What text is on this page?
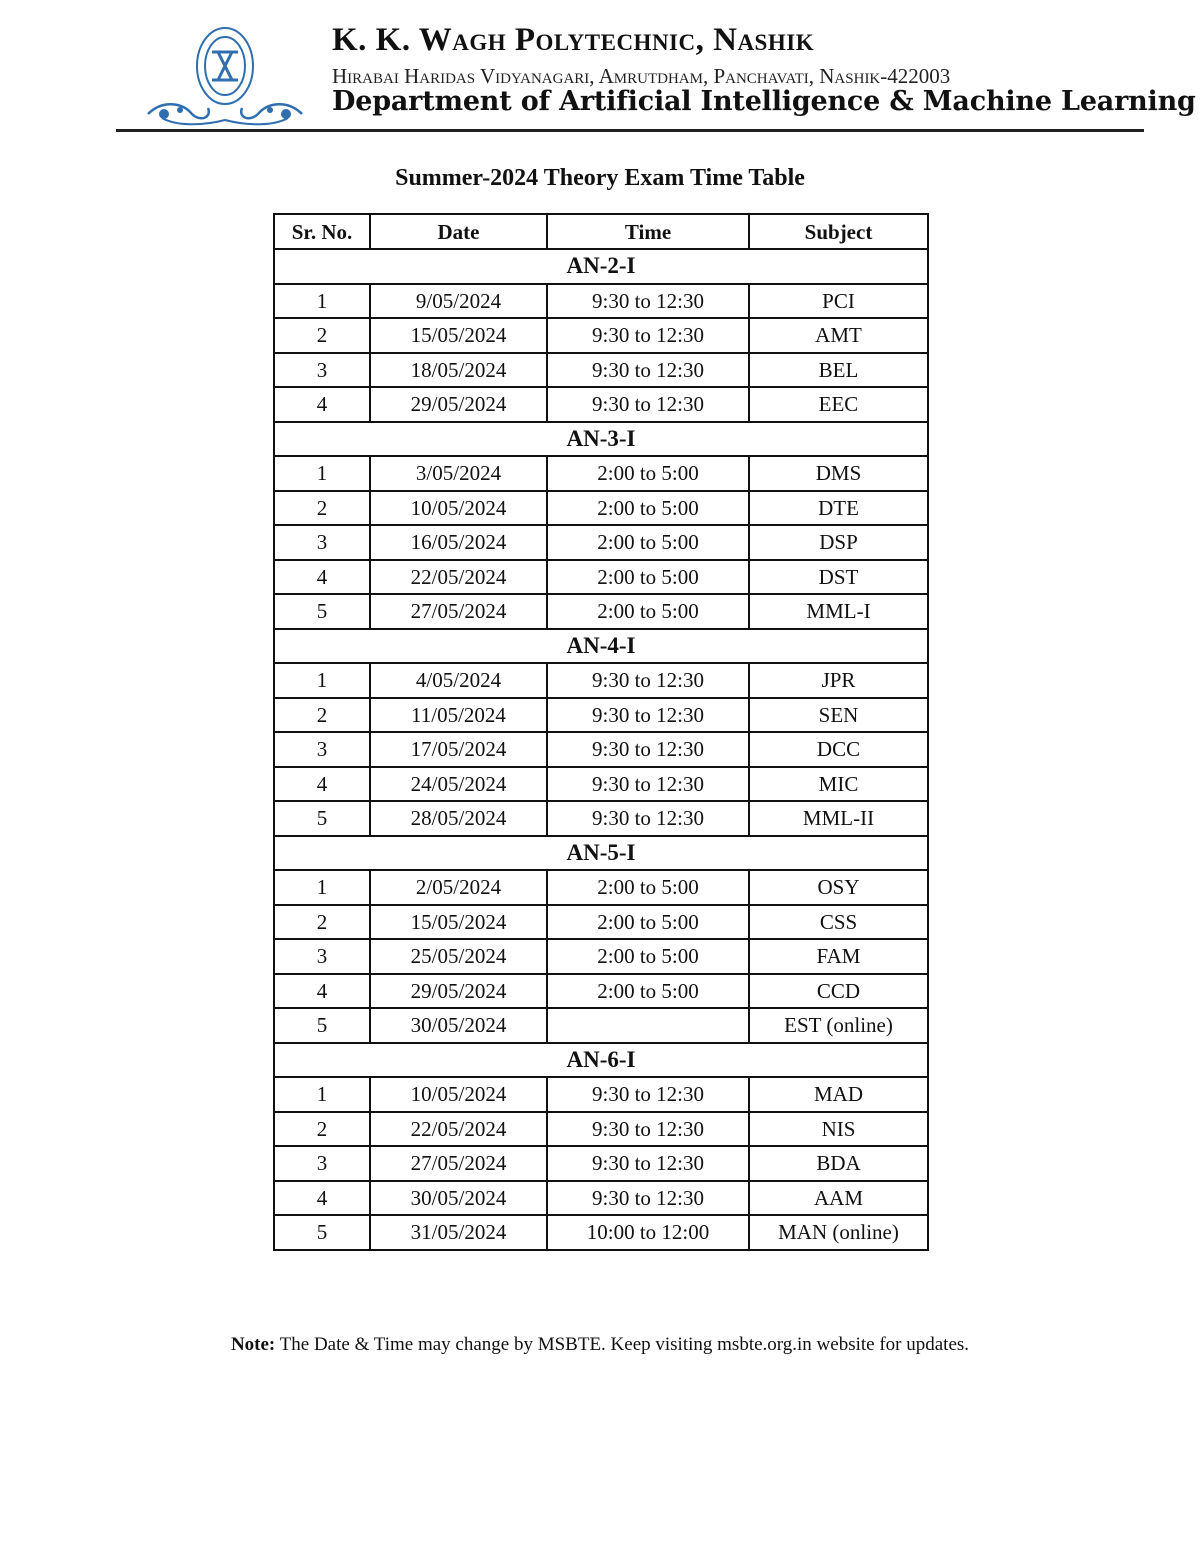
K. K. Wagh Polytechnic, Nashik
Hirabai Haridas Vidyanagari, Amrutdham, Panchavati, Nashik-422003
Department of Artificial Intelligence & Machine Learning
Summer-2024 Theory Exam Time Table
Sr. No.	Date	Time	Subject
AN-2-I			
1	9/05/2024	9:30 to 12:30	PCI
2	15/05/2024	9:30 to 12:30	AMT
3	18/05/2024	9:30 to 12:30	BEL
4	29/05/2024	9:30 to 12:30	EEC
AN-3-I			
1	3/05/2024	2:00 to 5:00	DMS
2	10/05/2024	2:00 to 5:00	DTE
3	16/05/2024	2:00 to 5:00	DSP
4	22/05/2024	2:00 to 5:00	DST
5	27/05/2024	2:00 to 5:00	MML-I
AN-4-I			
1	4/05/2024	9:30 to 12:30	JPR
2	11/05/2024	9:30 to 12:30	SEN
3	17/05/2024	9:30 to 12:30	DCC
4	24/05/2024	9:30 to 12:30	MIC
5	28/05/2024	9:30 to 12:30	MML-II
AN-5-I			
1	2/05/2024	2:00 to 5:00	OSY
2	15/05/2024	2:00 to 5:00	CSS
3	25/05/2024	2:00 to 5:00	FAM
4	29/05/2024	2:00 to 5:00	CCD
5	30/05/2024		EST (online)
AN-6-I			
1	10/05/2024	9:30 to 12:30	MAD
2	22/05/2024	9:30 to 12:30	NIS
3	27/05/2024	9:30 to 12:30	BDA
4	30/05/2024	9:30 to 12:30	AAM
5	31/05/2024	10:00 to 12:00	MAN (online)
Note: The Date & Time may change by MSBTE. Keep visiting msbte.org.in website for updates.
